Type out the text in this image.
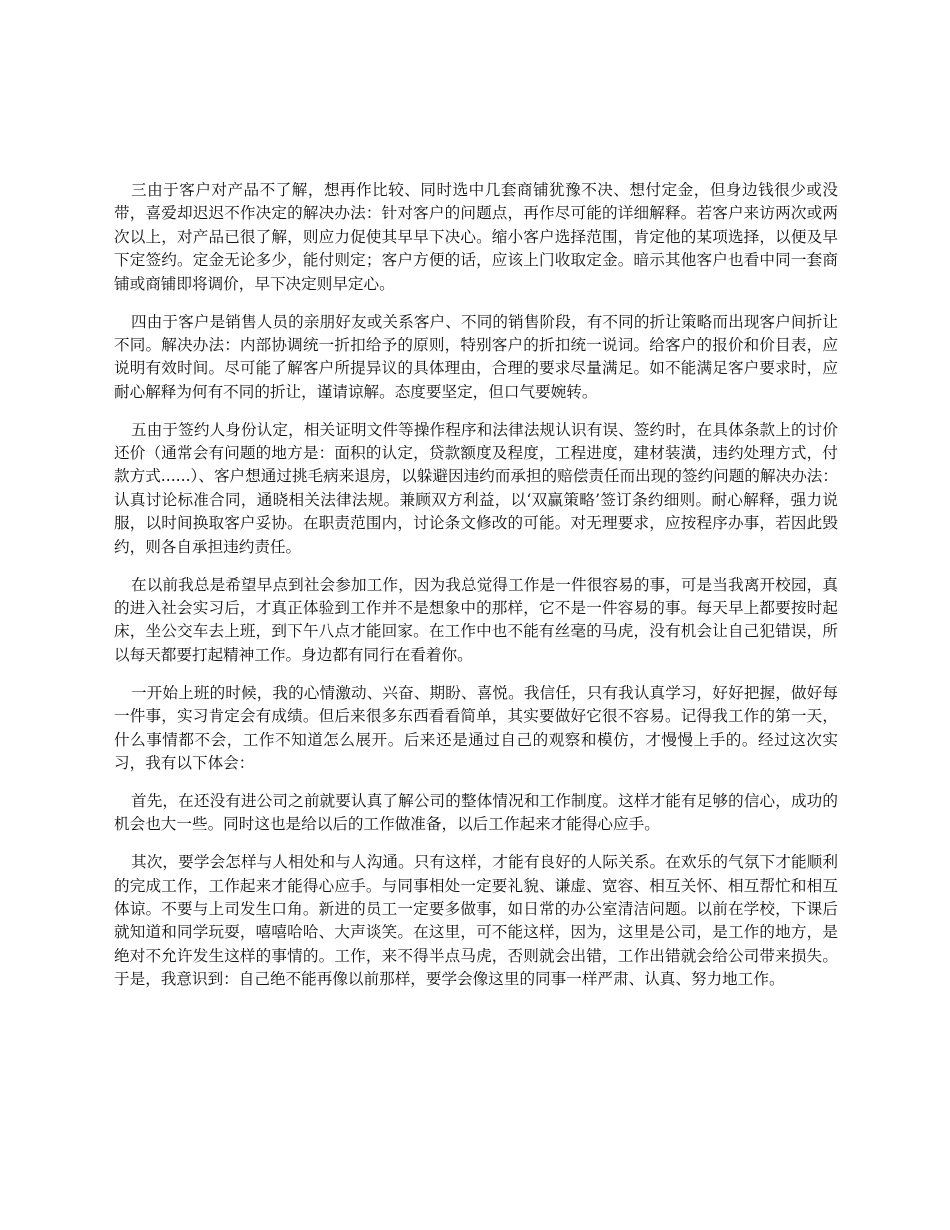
三由于客户对产品不了解，想再作比较、同时选中几套商铺犹豫不决、想付定金，但身边钱很少或没带，喜爱却迟迟不作决定的解决办法：针对客户的问题点，再作尽可能的详细解释。若客户来访两次或两次以上，对产品已很了解，则应力促使其早早下决心。缩小客户选择范围，肯定他的某项选择，以便及早下定签约。定金无论多少，能付则定；客户方便的话，应该上门收取定金。暗示其他客户也看中同一套商铺或商铺即将调价，早下决定则早定心。

四由于客户是销售人员的亲朋好友或关系客户、不同的销售阶段，有不同的折让策略而出现客户间折让不同。解决办法：内部协调统一折扣给予的原则，特别客户的折扣统一说词。给客户的报价和价目表，应说明有效时间。尽可能了解客户所提异议的具体理由，合理的要求尽量满足。如不能满足客户要求时，应耐心解释为何有不同的折让，谨请谅解。态度要坚定，但口气要婉转。

五由于签约人身份认定，相关证明文件等操作程序和法律法规认识有误、签约时，在具体条款上的讨价还价（通常会有问题的地方是：面积的认定，贷款额度及程度，工程进度，建材装潢，违约处理方式，付款方式......）、客户想通过挑毛病来退房，以躲避因违约而承担的赔偿责任而出现的签约问题的解决办法：认真讨论标准合同，通晓相关法律法规。兼顾双方利益，以‘双赢策略’签订条约细则。耐心解释，强力说服，以时间换取客户妥协。在职责范围内，讨论条文修改的可能。对无理要求，应按程序办事，若因此毁约，则各自承担违约责任。

在以前我总是希望早点到社会参加工作，因为我总觉得工作是一件很容易的事，可是当我离开校园，真的进入社会实习后，才真正体验到工作并不是想象中的那样，它不是一件容易的事。每天早上都要按时起床，坐公交车去上班，到下午八点才能回家。在工作中也不能有丝毫的马虎，没有机会让自己犯错误，所以每天都要打起精神工作。身边都有同行在看着你。

一开始上班的时候，我的心情激动、兴奋、期盼、喜悦。我信任，只有我认真学习，好好把握，做好每一件事，实习肯定会有成绩。但后来很多东西看看简单，其实要做好它很不容易。记得我工作的第一天，什么事情都不会，工作不知道怎么展开。后来还是通过自己的观察和模仿，才慢慢上手的。经过这次实习，我有以下体会：

首先，在还没有进公司之前就要认真了解公司的整体情况和工作制度。这样才能有足够的信心，成功的机会也大一些。同时这也是给以后的工作做准备，以后工作起来才能得心应手。

其次，要学会怎样与人相处和与人沟通。只有这样，才能有良好的人际关系。在欢乐的气氛下才能顺利的完成工作，工作起来才能得心应手。与同事相处一定要礼貌、谦虚、宽容、相互关怀、相互帮忙和相互体谅。不要与上司发生口角。新进的员工一定要多做事，如日常的办公室清洁问题。以前在学校，下课后就知道和同学玩耍，嘻嘻哈哈、大声谈笑。在这里，可不能这样，因为，这里是公司，是工作的地方，是绝对不允许发生这样的事情的。工作，来不得半点马虎，否则就会出错，工作出错就会给公司带来损失。于是，我意识到：自己绝不能再像以前那样，要学会像这里的同事一样严肃、认真、努力地工作。
